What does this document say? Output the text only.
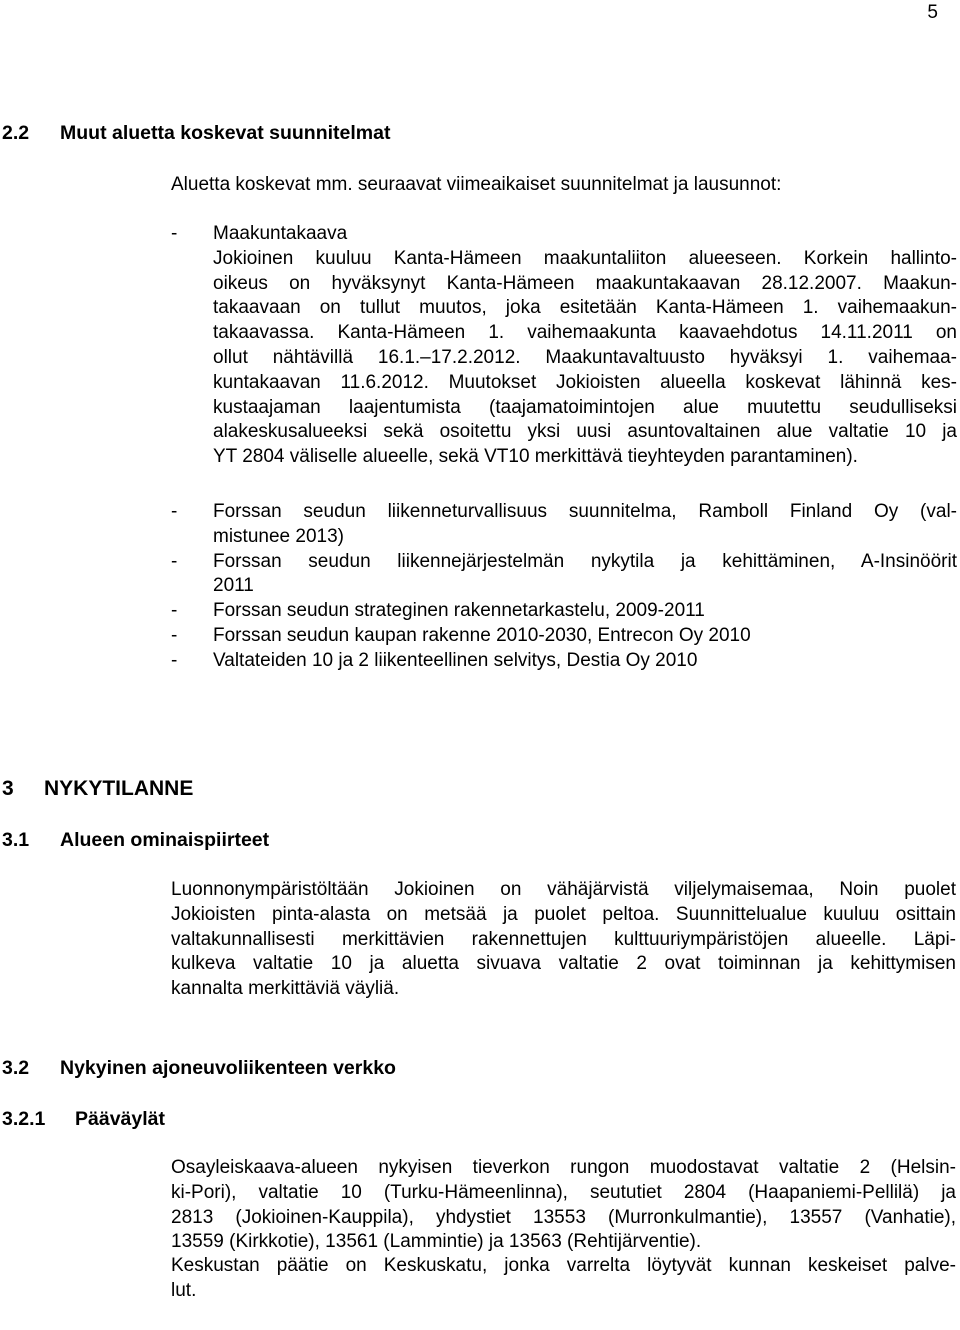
5
2.2 Muut aluetta koskevat suunnitelmat
Aluetta koskevat mm. seuraavat viimeaikaiset suunnitelmat ja lausunnot:
- Maakuntakaava
Jokioinen kuuluu Kanta-Hämeen maakuntaliiton alueeseen. Korkein hallinto-
oikeus on hyväksynyt Kanta-Hämeen maakuntakaavan 28.12.2007. Maakun-
takaavaan on tullut muutos, joka esitetään Kanta-Hämeen 1. vaihemaakun-
takaavassa. Kanta-Hämeen 1. vaihemaakunta kaavaehdotus 14.11.2011 on
ollut nähtävillä 16.1.–17.2.2012. Maakuntavaltuusto hyväksyi 1. vaihemaa-
kuntakaavan 11.6.2012. Muutokset Jokioisten alueella koskevat lähinnä kes-
kustaajaman laajentumista (taajamatoimintojen alue muutettu seudulliseksi
alakeskusalueeksi sekä osoitettu yksi uusi asuntovaltainen alue valtatie 10 ja
YT 2804 väliselle alueelle, sekä VT10 merkittävä tieyhteyden parantaminen).
- Forssan seudun liikenneturvallisuus suunnitelma, Ramboll Finland Oy (val-
mistunee 2013)
- Forssan seudun liikennejärjestelmän nykytila ja kehittäminen, A-Insinöörit
2011
- Forssan seudun strateginen rakennetarkastelu, 2009-2011
- Forssan seudun kaupan rakenne 2010-2030, Entrecon Oy 2010
- Valtateiden 10 ja 2 liikenteellinen selvitys, Destia Oy 2010
3 NYKYTILANNE
3.1 Alueen ominaispiirteet
Luonnonympäristöltään Jokioinen on vähäjärvistä viljelymaisemaa, Noin puolet
Jokioisten pinta-alasta on metsää ja puolet peltoa. Suunnittelualue kuuluu osittain
valtakunnallisesti merkittävien rakennettujen kulttuuriympäristöjen alueelle. Läpi-
kulkeva valtatie 10 ja aluetta sivuava valtatie 2 ovat toiminnan ja kehittymisen
kannalta merkittäviä väyliä.
3.2 Nykyinen ajoneuvoliikenteen verkko
3.2.1 Pääväylät
Osayleiskaava-alueen nykyisen tieverkon rungon muodostavat valtatie 2 (Helsin-
ki-Pori), valtatie 10 (Turku-Hämeenlinna), seututiet 2804 (Haapaniemi-Pellilä) ja
2813 (Jokioinen-Kauppila), yhdystiet 13553 (Murronkulmantie), 13557 (Vanhatie),
13559 (Kirkkotie), 13561 (Lammintie) ja 13563 (Rehtijärventie).
Keskustan päätie on Keskuskatu, jonka varrelta löytyvät kunnan keskeiset palve-
lut.
